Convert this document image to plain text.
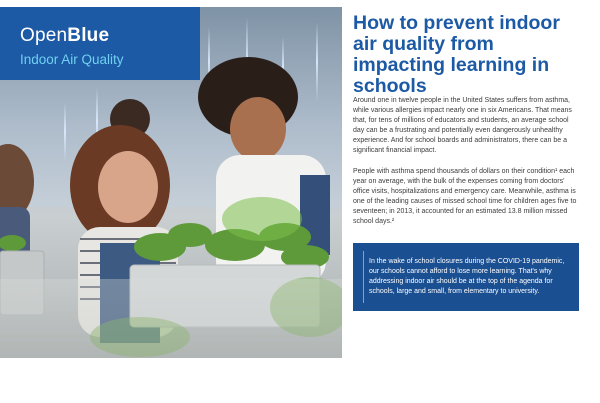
OpenBlue
Indoor Air Quality
How to prevent indoor air quality from impacting learning in schools

Around one in twelve people in the United States suffers from asthma, while various allergies impact nearly one in six Americans. That means that, for tens of millions of educators and students, an average school day can be a frustrating and potentially even dangerously unhealthy experience. And for school boards and administrators, there can be a significant financial impact.

People with asthma spend thousands of dollars on their condition¹ each year on average, with the bulk of the expenses coming from doctors' office visits, hospitalizations and emergency care. Meanwhile, asthma is one of the leading causes of missed school time for children ages five to seventeen; in 2013, it accounted for an estimated 13.8 million missed school days.²

In the wake of school closures during the COVID-19 pandemic, our schools cannot afford to lose more learning. That's why addressing indoor air should be at the top of the agenda for schools, large and small, from elementary to university.
